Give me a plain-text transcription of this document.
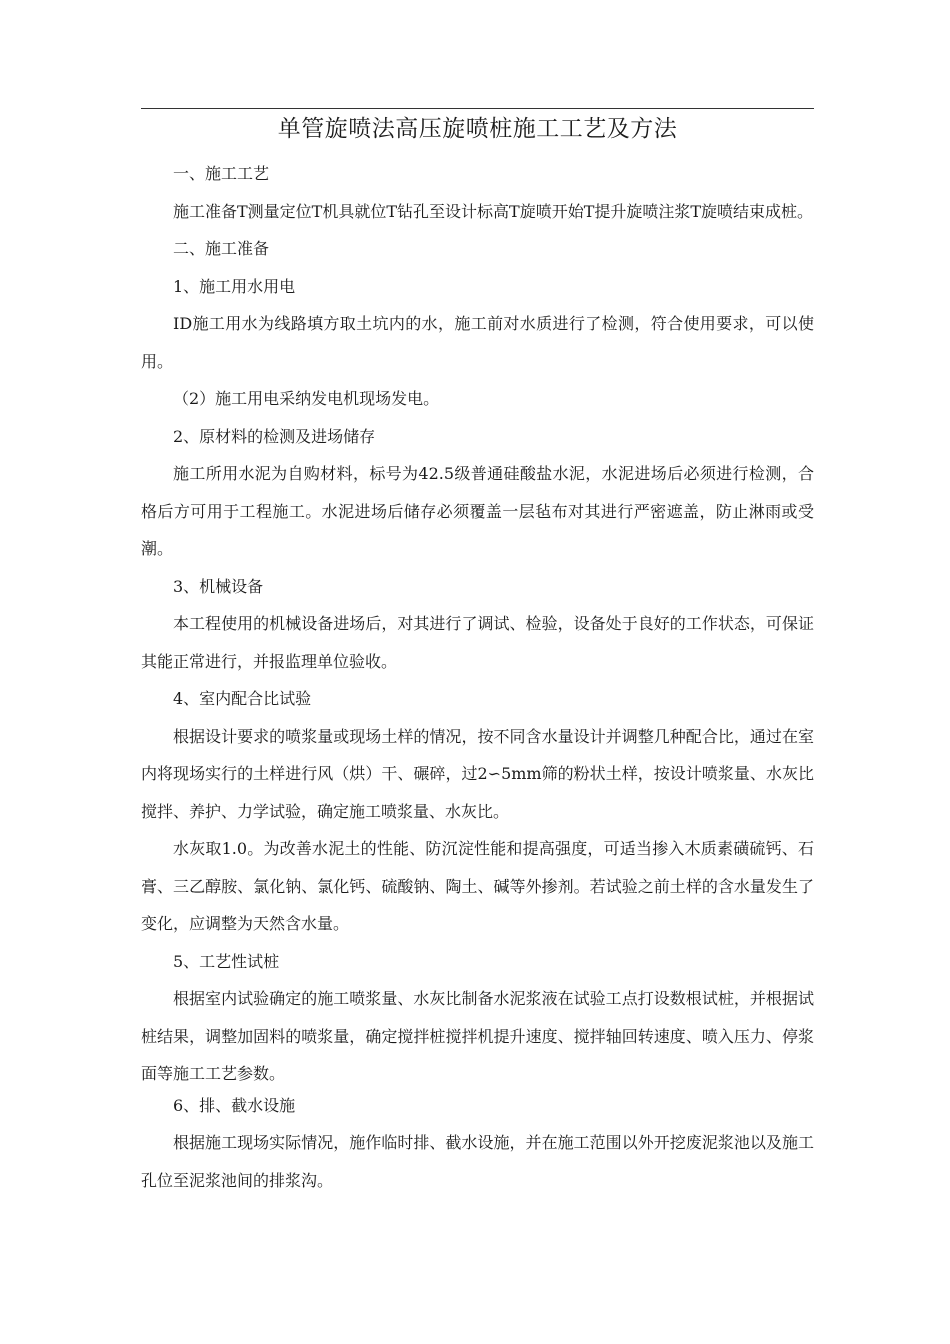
单管旋喷法高压旋喷桩施工工艺及方法

一、施工工艺

施工准备T测量定位T机具就位T钻孔至设计标高T旋喷开始T提升旋喷注浆T旋喷结束成桩。

二、施工准备

1、施工用水用电

ID施工用水为线路填方取土坑内的水，施工前对水质进行了检测，符合使用要求，可以使用。

（2）施工用电采纳发电机现场发电。

2、原材料的检测及进场储存

施工所用水泥为自购材料，标号为42.5级普通硅酸盐水泥，水泥进场后必须进行检测，合格后方可用于工程施工。水泥进场后储存必须覆盖一层毡布对其进行严密遮盖，防止淋雨或受潮。

3、机械设备

本工程使用的机械设备进场后，对其进行了调试、检验，设备处于良好的工作状态，可保证其能正常进行，并报监理单位验收。

4、室内配合比试验

根据设计要求的喷浆量或现场土样的情况，按不同含水量设计并调整几种配合比，通过在室内将现场实行的土样进行风（烘）干、碾碎，过2∽5mm筛的粉状土样，按设计喷浆量、水灰比搅拌、养护、力学试验，确定施工喷浆量、水灰比。

水灰取1.0。为改善水泥土的性能、防沉淀性能和提高强度，可适当掺入木质素磺硫钙、石膏、三乙醇胺、氯化钠、氯化钙、硫酸钠、陶土、碱等外掺剂。若试验之前土样的含水量发生了变化，应调整为天然含水量。

5、工艺性试桩

根据室内试验确定的施工喷浆量、水灰比制备水泥浆液在试验工点打设数根试桩，并根据试桩结果，调整加固料的喷浆量，确定搅拌桩搅拌机提升速度、搅拌轴回转速度、喷入压力、停浆面等施工工艺参数。

6、排、截水设施

根据施工现场实际情况，施作临时排、截水设施，并在施工范围以外开挖废泥浆池以及施工孔位至泥浆池间的排浆沟。
